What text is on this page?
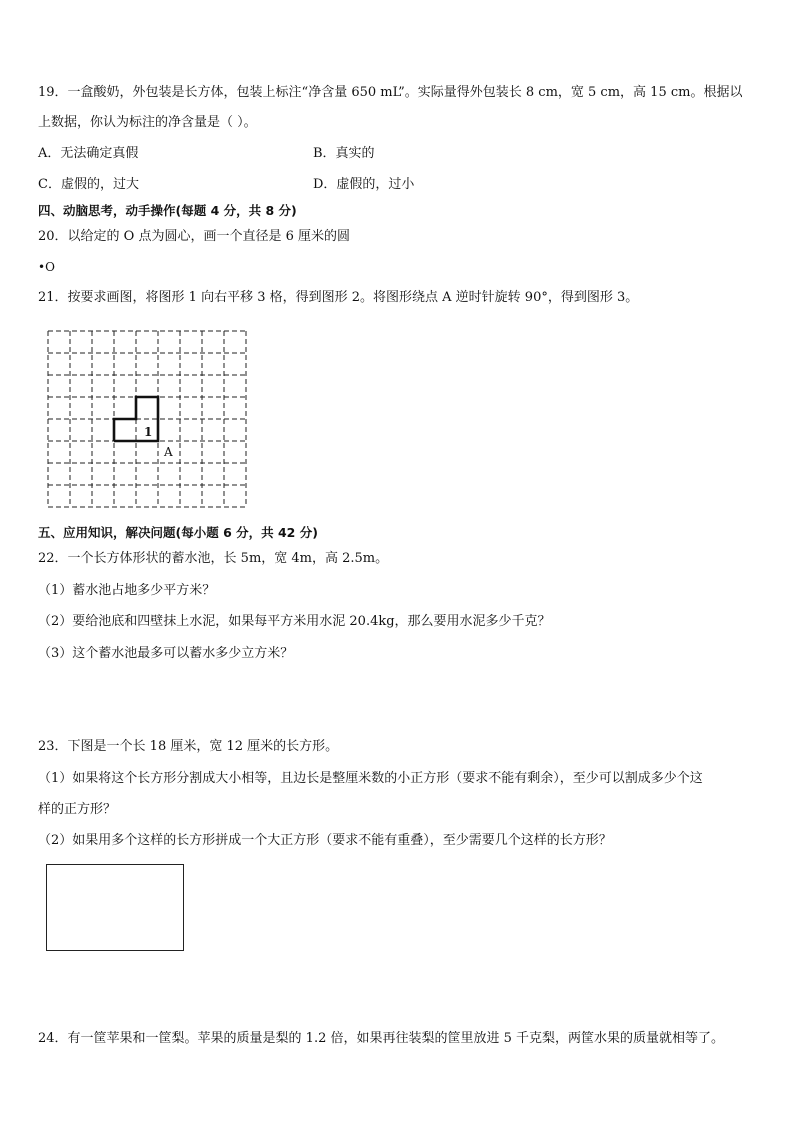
19．一盒酸奶，外包装是长方体，包装上标注“净含量 650 mL”。实际量得外包装长 8 cm，宽 5 cm，高 15 cm。根据以
上数据，你认为标注的净含量是（ ）。
A．无法确定真假	B．真实的
C．虚假的，过大	D．虚假的，过小
四、动脑思考，动手操作(每题 4 分，共 8 分)
20．以给定的 O 点为圆心，画一个直径是 6 厘米的圆
•O
21．按要求画图，将图形 1 向右平移 3 格，得到图形 2。将图形绕点 A 逆时针旋转 90°，得到图形 3。
1
A
五、应用知识，解决问题(每小题 6 分，共 42 分)
22．一个长方体形状的蓄水池，长 5m，宽 4m，高 2.5m。
（1）蓄水池占地多少平方米？
（2）要给池底和四壁抹上水泥，如果每平方米用水泥 20.4kg，那么要用水泥多少千克？
（3）这个蓄水池最多可以蓄水多少立方米？
23．下图是一个长 18 厘米，宽 12 厘米的长方形。
（1）如果将这个长方形分割成大小相等，且边长是整厘米数的小正方形（要求不能有剩余），至少可以割成多少个这
样的正方形？
（2）如果用多个这样的长方形拼成一个大正方形（要求不能有重叠），至少需要几个这样的长方形？
24．有一筐苹果和一筐梨。苹果的质量是梨的 1.2 倍，如果再往装梨的筐里放进 5 千克梨，两筐水果的质量就相等了。
